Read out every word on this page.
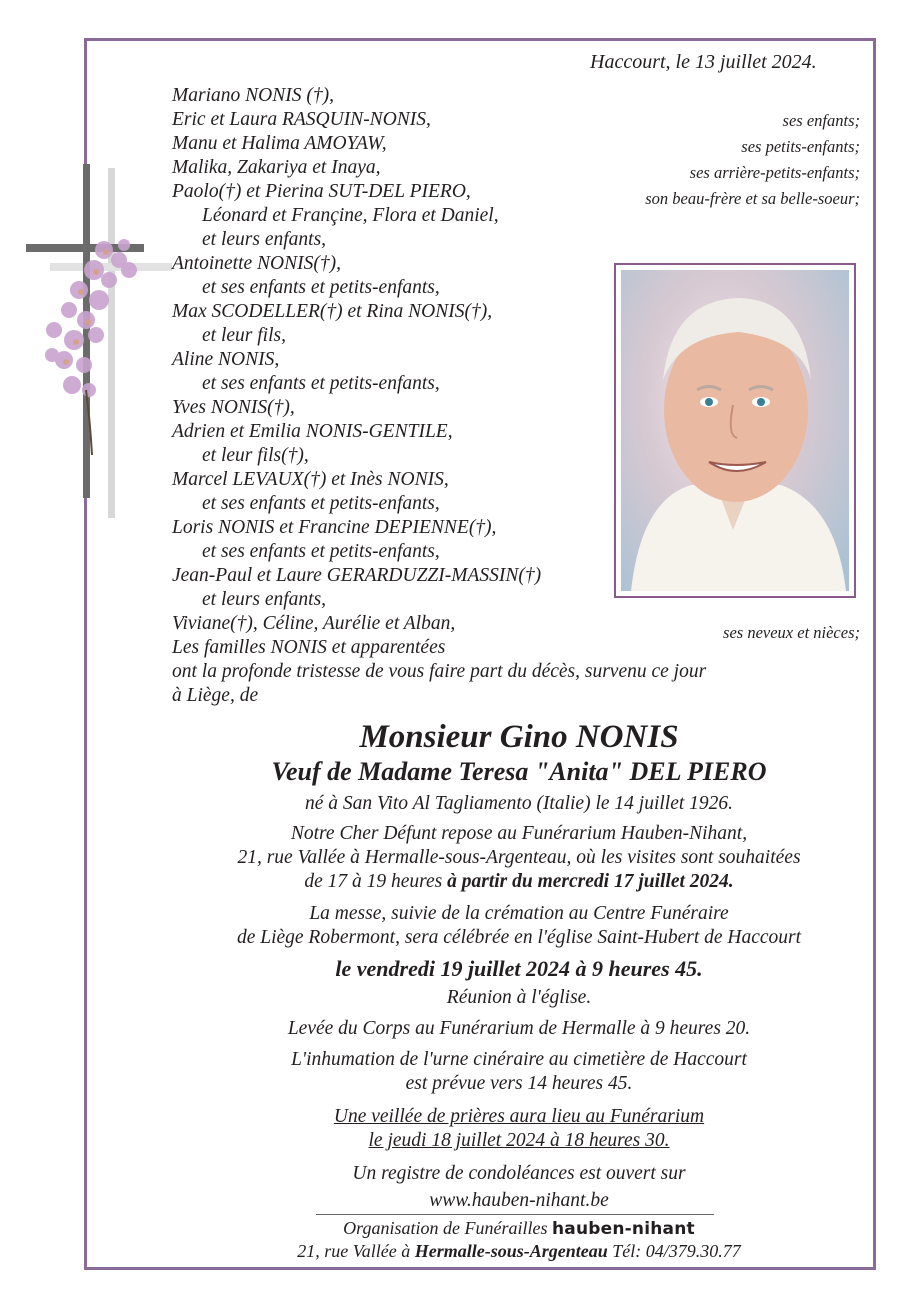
Haccourt, le 13 juillet 2024.
Mariano NONIS (†),
Eric et Laura RASQUIN-NONIS,
Manu et Halima AMOYAW,
Malika, Zakariya et Inaya,
Paolo(†) et Pierina SUT-DEL PIERO,
Léonard et Françine, Flora et Daniel,
et leurs enfants,
Antoinette NONIS(†),
et ses enfants et petits-enfants,
Max SCODELLER(†) et Rina NONIS(†),
et leur fils,
Aline NONIS,
et ses enfants et petits-enfants,
Yves NONIS(†),
Adrien et Emilia NONIS-GENTILE,
et leur fils(†),
Marcel LEVAUX(†) et Inès NONIS,
et ses enfants et petits-enfants,
Loris NONIS et Francine DEPIENNE(†),
et ses enfants et petits-enfants,
Jean-Paul et Laure GERARDUZZI-MASSIN(†)
et leurs enfants,
Viviane(†), Céline, Aurélie et Alban,
Les familles NONIS et apparentées
ont la profonde tristesse de vous faire part du décès, survenu ce jour
à Liège, de
ses enfants;
ses petits-enfants;
ses arrière-petits-enfants;
son beau-frère et sa belle-soeur;
ses neveux et nièces;
Monsieur Gino NONIS
Veuf de Madame Teresa "Anita" DEL PIERO
né à San Vito Al Tagliamento (Italie) le 14 juillet 1926.
Notre Cher Défunt repose au Funérarium Hauben-Nihant,
21, rue Vallée à Hermalle-sous-Argenteau, où les visites sont souhaitées
de 17 à 19 heures à partir du mercredi 17 juillet 2024.
La messe, suivie de la crémation au Centre Funéraire
de Liège Robermont, sera célébrée en l'église Saint-Hubert de Haccourt
le vendredi 19 juillet 2024 à 9 heures 45.
Réunion à l'église.
Levée du Corps au Funérarium de Hermalle à 9 heures 20.
L'inhumation de l'urne cinéraire au cimetière de Haccourt
est prévue vers 14 heures 45.
Une veillée de prières aura lieu au Funérarium
le jeudi 18 juillet 2024 à 18 heures 30.
Un registre de condoléances est ouvert sur
www.hauben-nihant.be
Organisation de Funérailles hauben-nihant
21, rue Vallée à Hermalle-sous-Argenteau Tél: 04/379.30.77
